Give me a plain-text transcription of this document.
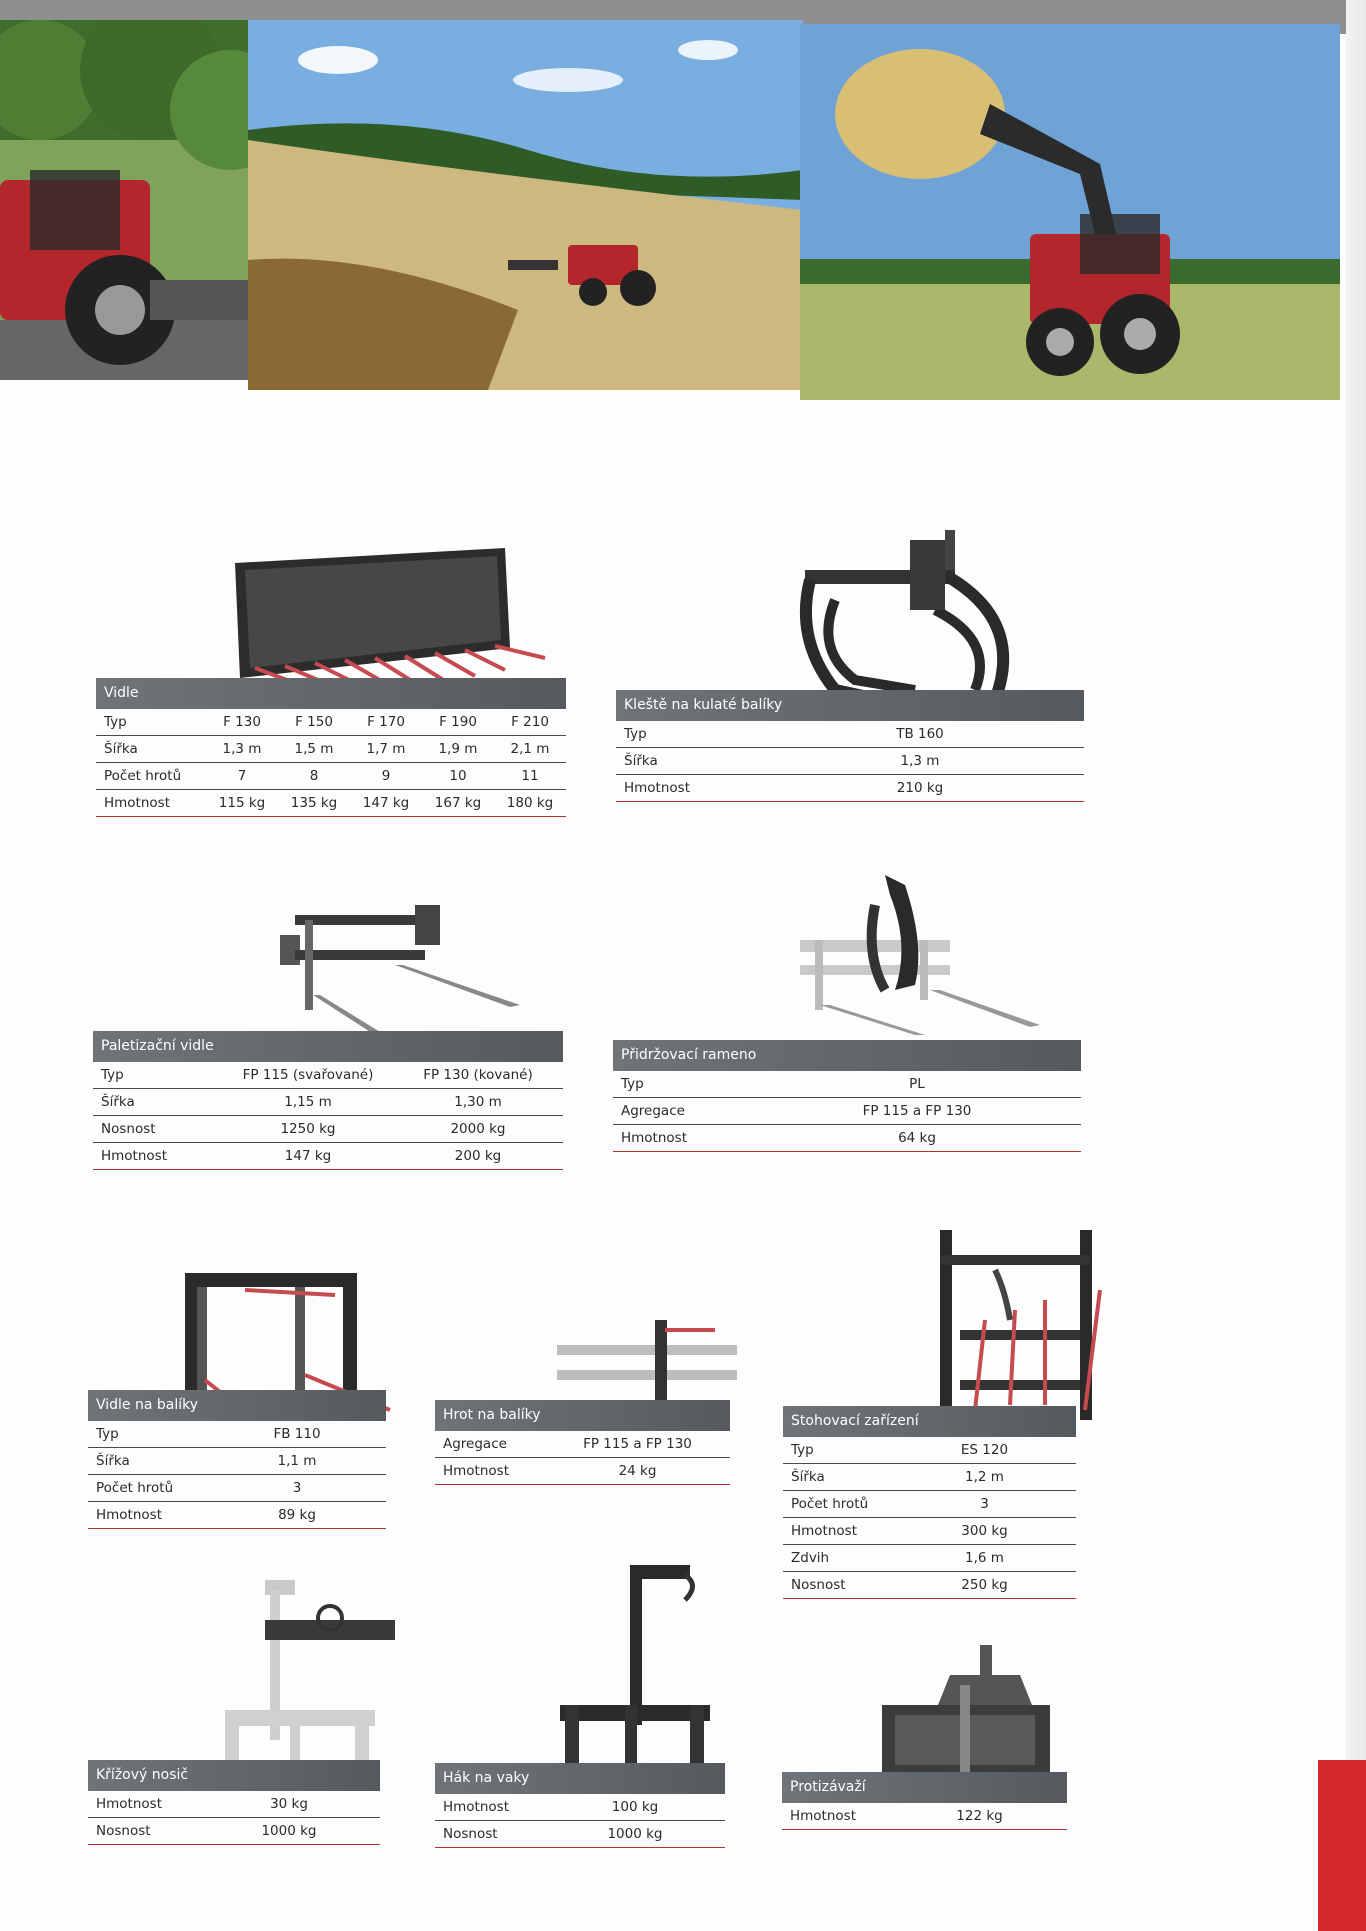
Vidle
Typ	F 130	F 150	F 170	F 190	F 210
Šířka	1,3 m	1,5 m	1,7 m	1,9 m	2,1 m
Počet hrotů	7	8	9	10	11
Hmotnost	115 kg	135 kg	147 kg	167 kg	180 kg
Kleště na kulaté balíky
Typ	TB 160
Šířka	1,3 m
Hmotnost	210 kg
Paletizační vidle
Typ	FP 115 (svařované)	FP 130 (kované)
Šířka	1,15 m	1,30 m
Nosnost	1250 kg	2000 kg
Hmotnost	147 kg	200 kg
Přidržovací rameno
Typ	PL
Agregace	FP 115 a FP 130
Hmotnost	64 kg
Vidle na balíky
Typ	FB 110
Šířka	1,1 m
Počet hrotů	3
Hmotnost	89 kg
Hrot na balíky
Agregace	FP 115 a FP 130
Hmotnost	24 kg
Stohovací zařízení
Typ	ES 120
Šířka	1,2 m
Počet hrotů	3
Hmotnost	300 kg
Zdvih	1,6 m
Nosnost	250 kg
Křížový nosič
Hmotnost	30 kg
Nosnost	1000 kg
Hák na vaky
Hmotnost	100 kg
Nosnost	1000 kg
Protizávaží
Hmotnost	122 kg
